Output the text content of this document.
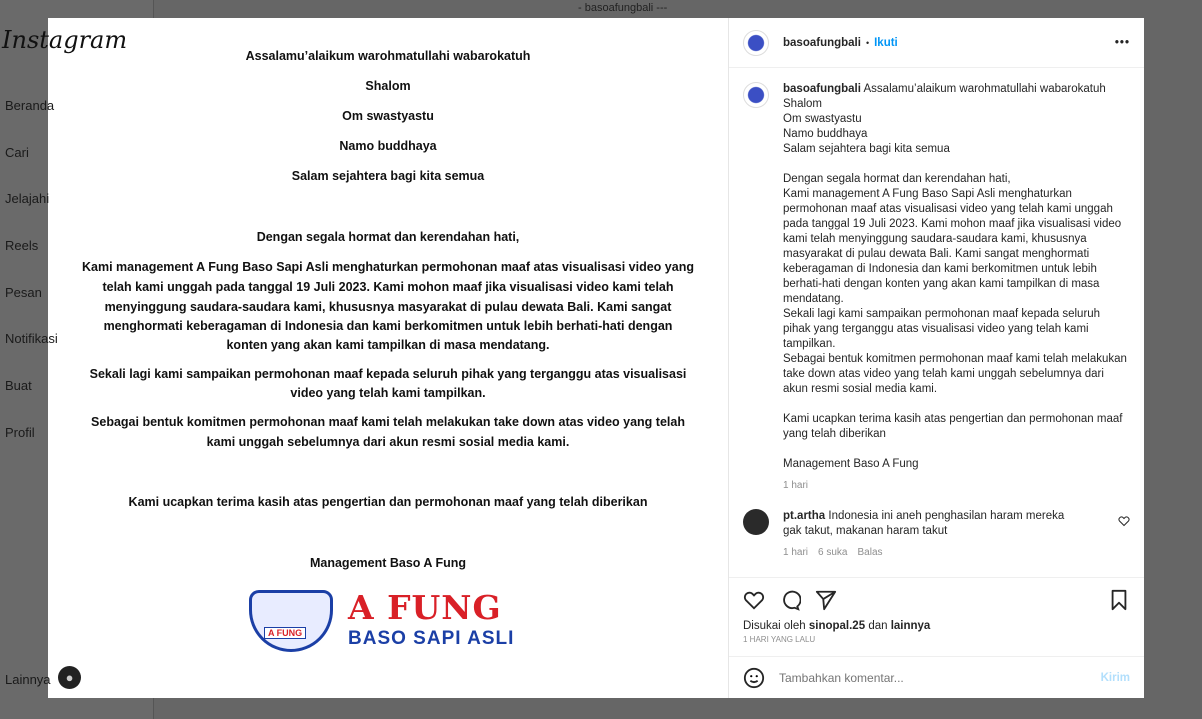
- basoafungbali ---
Instagram
Beranda
Cari
Jelajahi
Reels
Pesan
Notifikasi
Buat
Profil
Lainnya	●

Assalamu’alaikum warohmatullahi wabarokatuh

Shalom

Om swastyastu

Namo buddhaya

Salam sejahtera bagi kita semua

Dengan segala hormat dan kerendahan hati,

Kami management A Fung Baso Sapi Asli menghaturkan permohonan maaf atas visualisasi video yang

telah kami unggah pada tanggal 19 Juli 2023. Kami mohon maaf jika visualisasi video kami telah

menyinggung saudara-saudara kami, khususnya masyarakat di pulau dewata Bali. Kami sangat

menghormati keberagaman di Indonesia dan kami berkomitmen untuk lebih berhati-hati dengan

konten yang akan kami tampilkan di masa mendatang.

Sekali lagi kami sampaikan permohonan maaf kepada seluruh pihak yang terganggu atas visualisasi

video yang telah kami tampilkan.

Sebagai bentuk komitmen permohonan maaf kami telah melakukan take down atas video yang telah

kami unggah sebelumnya dari akun resmi sosial media kami.

Kami ucapkan terima kasih atas pengertian dan permohonan maaf yang telah diberikan

Management Baso A Fung

A FUNG
A FUNG
BASO SAPI ASLI
basoafungbali • Ikuti	•••
basoafungbali Assalamu’alaikum warohmatullahi wabarokatuh
Shalom
Om swastyastu
Namo buddhaya
Salam sejahtera bagi kita semua

Dengan segala hormat dan kerendahan hati,
Kami management A Fung Baso Sapi Asli menghaturkan permohonan maaf atas visualisasi video yang telah kami unggah pada tanggal 19 Juli 2023. Kami mohon maaf jika visualisasi video kami telah menyinggung saudara-saudara kami, khususnya masyarakat di pulau dewata Bali. Kami sangat menghormati keberagaman di Indonesia dan kami berkomitmen untuk lebih berhati-hati dengan konten yang akan kami tampilkan di masa mendatang.
Sekali lagi kami sampaikan permohonan maaf kepada seluruh pihak yang terganggu atas visualisasi video yang telah kami tampilkan.
Sebagai bentuk komitmen permohonan maaf kami telah melakukan take down atas video yang telah kami unggah sebelumnya dari akun resmi sosial media kami.

Kami ucapkan terima kasih atas pengertian dan permohonan maaf yang telah diberikan

Management Baso A Fung
1 hari
pt.artha Indonesia ini aneh penghasilan haram mereka gak takut, makanan haram takut
1 hari 6 suka Balas
Disukai oleh sinopal.25 dan lainnya
1 HARI YANG LALU
Tambahkan komentar...
Kirim
